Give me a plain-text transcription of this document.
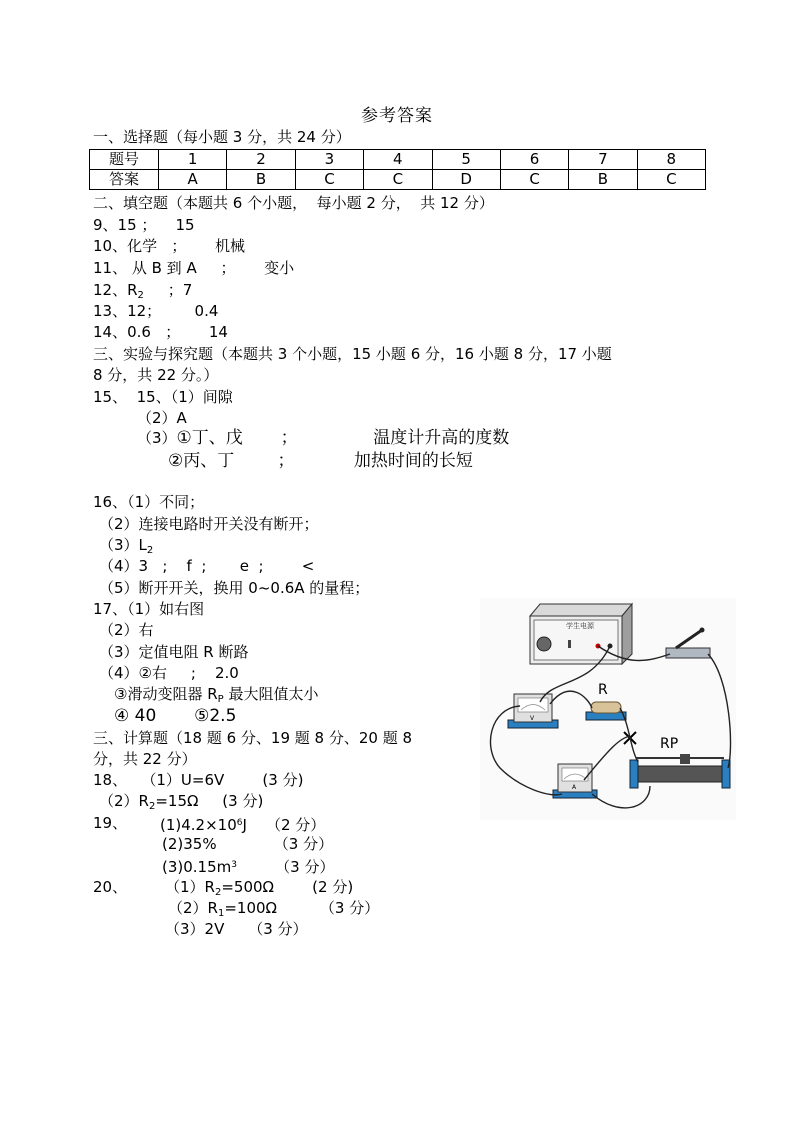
参考答案
一、选择题（每小题 3 分，共 24 分）
题号	1	2	3	4	5	6	7	8
答案	A	B	C	C	D	C	B	C
二、填空题（本题共 6 个小题，  每小题 2 分，  共 12 分）
9、15 ；    15
10、化学   ；      机械
11、 从 B 到 A     ；      变小
12、$R_2$     ；7
13、12；       0.4
14、0.6   ；      14
三、实验与探究题（本题共 3 个小题，15 小题 6 分，16 小题 8 分，17 小题
8 分，共 22 分。）
15、  15、（1）间隙
（2）A
（3）①丁、戊       ；              温度计升高的度数
②丙、丁        ；           加热时间的长短
16、（1）不同；
（2）连接电路时开关没有断开；
$(3)L_2$
（4）3   ;    f  ;       e  ;        <
（5）断开开关，换用 0~0.6A 的量程；
17、（1）如右图
（2）右
（3）定值电阻 R 断路
（4）②右     ;    2.0
③滑动变阻器 $R_P$ 最大阻值太小
④ 40       ⑤2.5
三、计算题（18 题 6 分、19 题 8 分、20 题 8
分，共 22 分）
18、   （1）U=6V        (3 分)
$(2)R_2=15\Omega$     (3 分)
19、 $(1)4.2\times 10^6J$    （2 分）
(2)35%            （3 分）
$(3)0.15m^3$        （3 分）
20、	$(1)R_2=500\Omega$        (2 分)
$(2)R_1=100\Omega$         （3 分）
（3）2V     （3 分）
学生电源
V
R
A
RP
